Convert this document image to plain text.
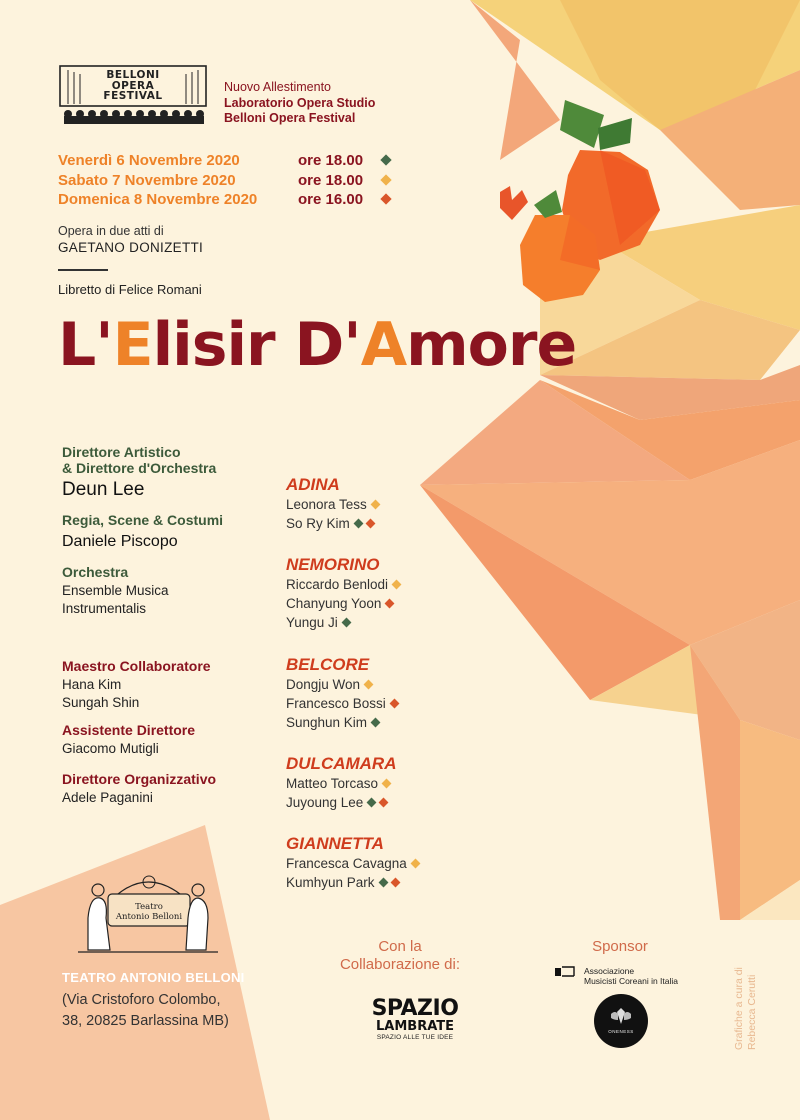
BELLONI
OPERA
FESTIVAL
Nuovo Allestimento
Laboratorio Opera Studio
Belloni Opera Festival
Venerdì 6 Novembre 2020	ore 18.00
Sabato 7 Novembre 2020	ore 18.00
Domenica 8 Novembre 2020	ore 16.00
Opera in due atti di
GAETANO DONIZETTI
Libretto di Felice Romani
L'Elisir D'Amore
Direttore Artistico
& Direttore d'Orchestra
Deun Lee
Regia, Scene & Costumi
Daniele Piscopo
Orchestra
Ensemble Musica
Instrumentalis
Maestro Collaboratore
Hana Kim
Sungah Shin
Assistente Direttore
Giacomo Mutigli
Direttore Organizzativo
Adele Paganini
ADINA
Leonora Tess
So Ry Kim
NEMORINO
Riccardo Benlodi
Chanyung Yoon
Yungu Ji
BELCORE
Dongju Won
Francesco Bossi
Sunghun Kim
DULCAMARA
Matteo Torcaso
Juyoung Lee
GIANNETTA
Francesca Cavagna
Kumhyun Park
Teatro
Antonio Belloni
TEATRO ANTONIO BELLONI
(Via Cristoforo Colombo,
38, 20825 Barlassina MB)
Con la
Collaborazione di:
SPAZIO
LAMBRATE
SPAZIO ALLE TUE IDEE
Sponsor
Associazione
Musicisti Coreani in Italia
ONENESS	Grafiche a cura di Rebecca Cerutti
